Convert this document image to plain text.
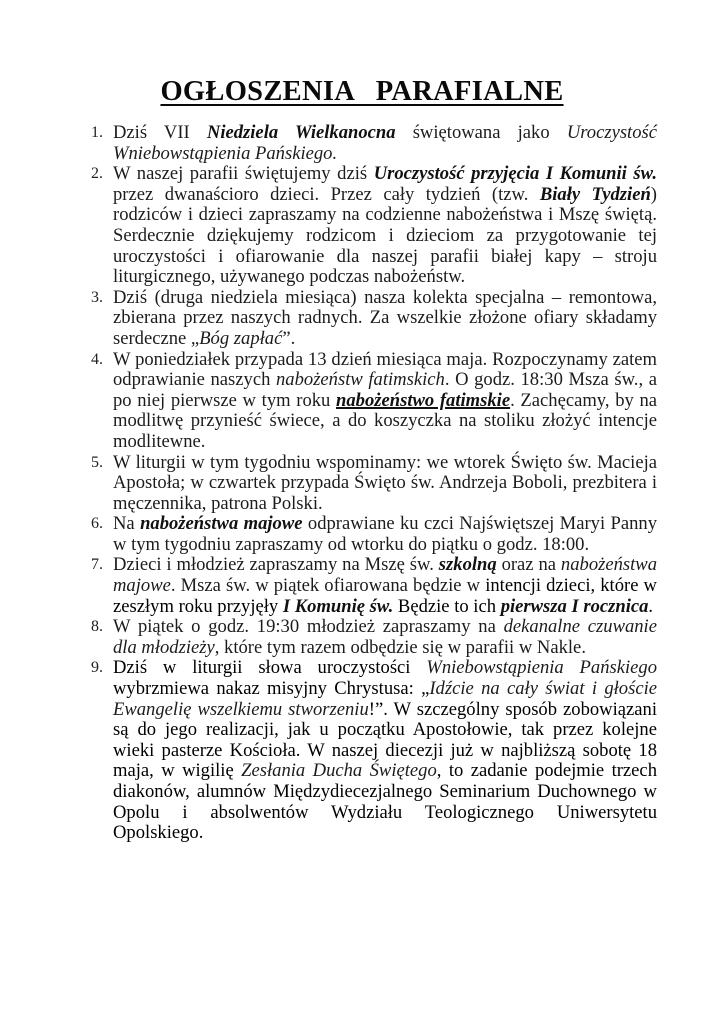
OGŁOSZENIA   PARAFIALNE
1. Dziś VII Niedziela Wielkanocna świętowana jako Uroczystość Wniebowstąpienia Pańskiego.
2. W naszej parafii świętujemy dziś Uroczystość przyjęcia I Komunii św. przez dwanaścioro dzieci. Przez cały tydzień (tzw. Biały Tydzień) rodziców i dzieci zapraszamy na codzienne nabożeństwa i Mszę świętą. Serdecznie dziękujemy rodzicom i dzieciom za przygotowanie tej uroczystości i ofiarowanie dla naszej parafii białej kapy – stroju liturgicznego, używanego podczas nabożeństw.
3. Dziś (druga niedziela miesiąca) nasza kolekta specjalna – remontowa, zbierana przez naszych radnych. Za wszelkie złożone ofiary składamy serdeczne „Bóg zapłać”.
4. W poniedziałek przypada 13 dzień miesiąca maja. Rozpoczynamy zatem odprawianie naszych nabożeństw fatimskich. O godz. 18:30 Msza św., a po niej pierwsze w tym roku nabożeństwo fatimskie. Zachęcamy, by na modlitwę przynieść świece, a do koszyczka na stoliku złożyć intencje modlitewne.
5. W liturgii w tym tygodniu wspominamy: we wtorek Święto św. Macieja Apostoła; w czwartek przypada Święto św. Andrzeja Boboli, prezbitera i męczennika, patrona Polski.
6. Na nabożeństwa majowe odprawiane ku czci Najświętszej Maryi Panny w tym tygodniu zapraszamy od wtorku do piątku o godz. 18:00.
7. Dzieci i młodzież zapraszamy na Mszę św. szkolną oraz na nabożeństwa majowe. Msza św. w piątek ofiarowana będzie w intencji dzieci, które w zeszłym roku przyjęły I Komunię św. Będzie to ich pierwsza I rocznica.
8. W piątek o godz. 19:30 młodzież zapraszamy na dekanalne czuwanie dla młodzieży, które tym razem odbędzie się w parafii w Nakle.
9. Dziś w liturgii słowa uroczystości Wniebowstąpienia Pańskiego wybrzmiewa nakaz misyjny Chrystusa: „Idźcie na cały świat i głoście Ewangelię wszelkiemu stworzeniu!”. W szczególny sposób zobowiązani są do jego realizacji, jak u początku Apostołowie, tak przez kolejne wieki pasterze Kościoła. W naszej diecezji już w najbliższą sobotę 18 maja, w wigilię Zesłania Ducha Świętego, to zadanie podejmie trzech diakonów, alumnów Międzydiecezjalnego Seminarium Duchownego w Opolu i absolwentów Wydziału Teologicznego Uniwersytetu Opolskiego.
